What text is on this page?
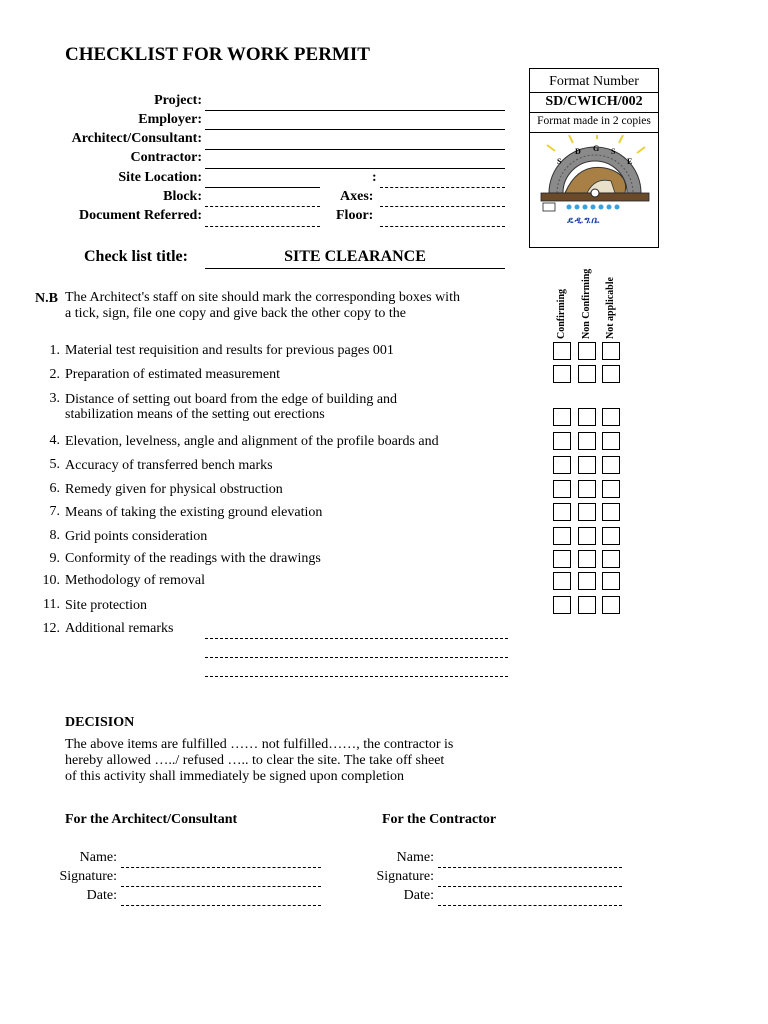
CHECKLIST FOR WORK PERMIT
Format Number
SD/CWICH/002
Format made in 2 copies
S
D G S
E
ደ.ዲ.ግ.ቤ.
Project:
Employer:
Architect/Consultant:
Contractor:
Site Location:	:
Block:	Axes:
Document Referred:	Floor:
Check list title:	SITE CLEARANCE
N.B The Architect's staff on site should mark the corresponding boxes with
a tick, sign, file one copy and give back the other copy to the	Confirming Non Confirming Not applicable
1. Material test requisition and results for previous pages 001
2. Preparation of estimated measurement
3. Distance of setting out board from the edge of building and
stabilization means of the setting out erections
4. Elevation, levelness, angle and alignment of the profile boards and
5. Accuracy of transferred bench marks
6. Remedy given for physical obstruction
7. Means of taking the existing ground elevation
8. Grid points consideration
9. Conformity of the readings with the drawings
10. Methodology of removal
11. Site protection
12. Additional remarks
DECISION
The above items are fulfilled …… not fulfilled……, the contractor is
hereby allowed …../ refused ….. to clear the site. The take off sheet
of this activity shall immediately be signed upon completion
For the Architect/Consultant	For the Contractor
Name:
Signature:
Date:
Name:
Signature:
Date:
